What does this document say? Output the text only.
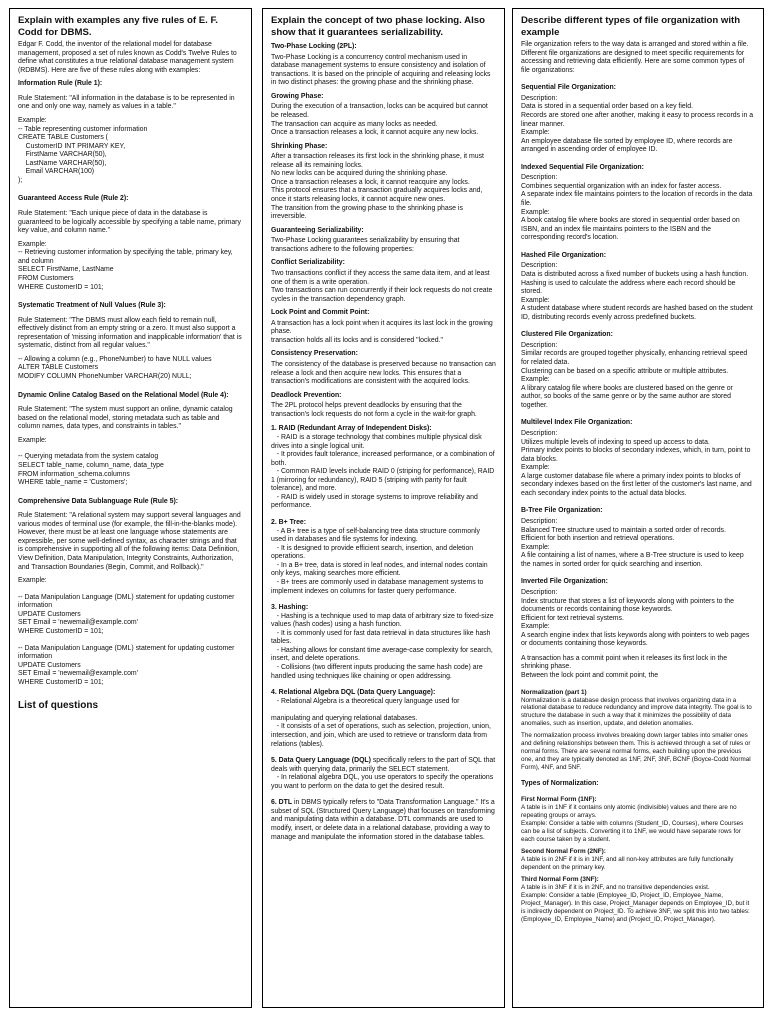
Explain with examples any five rules of E. F. Codd for DBMS.
Edgar F. Codd, the inventor of the relational model for database management, proposed a set of rules known as Codd's Twelve Rules to define what constitutes a true relational database management system (RDBMS). Here are five of these rules along with examples:
Information Rule (Rule 1):
Rule Statement: "All information in the database is to be represented in one and only one way, namely as values in a table."
Example:
-- Table representing customer information
CREATE TABLE Customers (
CustomerID INT PRIMARY KEY,
FirstName VARCHAR(50),
LastName VARCHAR(50),
Email VARCHAR(100)
);
Guaranteed Access Rule (Rule 2):
Rule Statement: "Each unique piece of data in the database is guaranteed to be logically accessible by specifying a table name, primary key value, and column name."
Example:
-- Retrieving customer information by specifying the table, primary key, and column
SELECT FirstName, LastName
FROM Customers
WHERE CustomerID = 101;
Systematic Treatment of Null Values (Rule 3):
Rule Statement: "The DBMS must allow each field to remain null, effectively distinct from an empty string or a zero. It must also support a representation of 'missing information and inapplicable information' that is systematic, distinct from all regular values."
-- Allowing a column (e.g., PhoneNumber) to have NULL values
ALTER TABLE Customers
MODIFY COLUMN PhoneNumber VARCHAR(20) NULL;
Dynamic Online Catalog Based on the Relational Model (Rule 4):
Rule Statement: "The system must support an online, dynamic catalog based on the relational model, storing metadata such as table and column names, data types, and constraints in tables."
Example:
-- Querying metadata from the system catalog
SELECT table_name, column_name, data_type
FROM information_schema.columns
WHERE table_name = 'Customers';
Comprehensive Data Sublanguage Rule (Rule 5):
Rule Statement: "A relational system may support several languages and various modes of terminal use (for example, the fill-in-the-blanks mode). However, there must be at least one language whose statements are expressible, per some well-defined syntax, as character strings and that is comprehensive in supporting all of the following items: Data Definition, View Definition, Data Manipulation, Integrity Constraints, Authorization, and Transaction Boundaries (Begin, Commit, and Rollback)."
Example:
-- Data Manipulation Language (DML) statement for updating customer information
UPDATE Customers
SET Email = 'newemail@example.com'
WHERE CustomerID = 101;
-- Data Manipulation Language (DML) statement for updating customer information
UPDATE Customers
SET Email = 'newemail@example.com'
WHERE CustomerID = 101;
List of questions
Explain the concept of two phase locking. Also show that it guarantees serializability.
Two-Phase Locking (2PL):
Two-Phase Locking is a concurrency control mechanism used in database management systems to ensure consistency and isolation of transactions. It is based on the principle of acquiring and releasing locks in two distinct phases: the growing phase and the shrinking phase.
Growing Phase:
During the execution of a transaction, locks can be acquired but cannot be released.
The transaction can acquire as many locks as needed.
Once a transaction releases a lock, it cannot acquire any new locks.
Shrinking Phase:
After a transaction releases its first lock in the shrinking phase, it must release all its remaining locks.
No new locks can be acquired during the shrinking phase.
Once a transaction releases a lock, it cannot reacquire any locks.
This protocol ensures that a transaction gradually acquires locks and, once it starts releasing locks, it cannot acquire new ones.
The transition from the growing phase to the shrinking phase is irreversible.
Guaranteeing Serializability:
Two-Phase Locking guarantees serializability by ensuring that transactions adhere to the following properties:
Conflict Serializability:
Two transactions conflict if they access the same data item, and at least one of them is a write operation.
Two transactions can run concurrently if their lock requests do not create cycles in the transaction dependency graph.
Lock Point and Commit Point:
A transaction has a lock point when it acquires its last lock in the growing phase.
transaction holds all its locks and is considered "locked."
Consistency Preservation:
The consistency of the database is preserved because no transaction can release a lock and then acquire new locks. This ensures that a transaction's modifications are consistent with the acquired locks.
Deadlock Prevention:
The 2PL protocol helps prevent deadlocks by ensuring that the transaction's lock requests do not form a cycle in the wait-for graph.
1. RAID (Redundant Array of Independent Disks):
- RAID is a storage technology that combines multiple physical disk drives into a single logical unit.
- It provides fault tolerance, increased performance, or a combination of both.
- Common RAID levels include RAID 0 (striping for performance), RAID 1 (mirroring for redundancy), RAID 5 (striping with parity for fault tolerance), and more.
- RAID is widely used in storage systems to improve reliability and performance.
2. B+ Tree:
- A B+ tree is a type of self-balancing tree data structure commonly used in databases and file systems for indexing.
- It is designed to provide efficient search, insertion, and deletion operations.
- In a B+ tree, data is stored in leaf nodes, and internal nodes contain only keys, making searches more efficient.
- B+ trees are commonly used in database management systems to implement indexes on columns for faster query performance.
3. Hashing:
- Hashing is a technique used to map data of arbitrary size to fixed-size values (hash codes) using a hash function.
- It is commonly used for fast data retrieval in data structures like hash tables.
- Hashing allows for constant time average-case complexity for search, insert, and delete operations.
- Collisions (two different inputs producing the same hash code) are handled using techniques like chaining or open addressing.
4. Relational Algebra DQL (Data Query Language):
- Relational Algebra is a theoretical query language used for

manipulating and querying relational databases.
- It consists of a set of operations, such as selection, projection, union, intersection, and join, which are used to retrieve or transform data from relations (tables).
5. Data Query Language (DQL) specifically refers to the part of SQL that deals with querying data, primarily the SELECT statement.
- In relational algebra DQL, you use operators to specify the operations you want to perform on the data to get the desired result.
6. DTL in DBMS typically refers to "Data Transformation Language." It's a subset of SQL (Structured Query Language) that focuses on transforming and manipulating data within a database. DTL commands are used to modify, insert, or delete data in a relational database, providing a way to manage and manipulate the information stored in the database tables.
Describe different types of file organization with example
File organization refers to the way data is arranged and stored within a file. Different file organizations are designed to meet specific requirements for accessing and retrieving data efficiently. Here are some common types of file organizations:
Sequential File Organization:
Description:
Data is stored in a sequential order based on a key field.
Records are stored one after another, making it easy to process records in a linear manner.
Example:
An employee database file sorted by employee ID, where records are arranged in ascending order of employee ID.
Indexed Sequential File Organization:
Description:
Combines sequential organization with an index for faster access.
A separate index file maintains pointers to the location of records in the data file.
Example:
A book catalog file where books are stored in sequential order based on ISBN, and an index file maintains pointers to the ISBN and the corresponding record's location.
Hashed File Organization:
Description:
Data is distributed across a fixed number of buckets using a hash function.
Hashing is used to calculate the address where each record should be stored.
Example:
A student database where student records are hashed based on the student ID, distributing records evenly across predefined buckets.
Clustered File Organization:
Description:
Similar records are grouped together physically, enhancing retrieval speed for related data.
Clustering can be based on a specific attribute or multiple attributes.
Example:
A library catalog file where books are clustered based on the genre or author, so books of the same genre or by the same author are stored together.
Multilevel Index File Organization:
Description:
Utilizes multiple levels of indexing to speed up access to data.
Primary index points to blocks of secondary indexes, which, in turn, point to data blocks.
Example:
A large customer database file where a primary index points to blocks of secondary indexes based on the first letter of the customer's last name, and each secondary index points to the actual data blocks.
B-Tree File Organization:
Description:
Balanced Tree structure used to maintain a sorted order of records.
Efficient for both insertion and retrieval operations.
Example:
A file containing a list of names, where a B-Tree structure is used to keep the names in sorted order for quick searching and insertion.
Inverted File Organization:
Description:
Index structure that stores a list of keywords along with pointers to the documents or records containing those keywords.
Efficient for text retrieval systems.
Example:
A search engine index that lists keywords along with pointers to web pages or documents containing those keywords.
A transaction has a commit point when it releases its first lock in the shrinking phase.
Between the lock point and commit point, the
Normalization (part 1)
Normalization is a database design process that involves organizing data in a relational database to reduce redundancy and improve data integrity. The goal is to structure the database in such a way that it minimizes the possibility of data anomalies, such as insertion, update, and deletion anomalies.
The normalization process involves breaking down larger tables into smaller ones and defining relationships between them. This is achieved through a set of rules or normal forms. There are several normal forms, each building upon the previous one, and they are typically denoted as 1NF, 2NF, 3NF, BCNF (Boyce-Codd Normal Form), 4NF, and 5NF.
Types of Normalization:
First Normal Form (1NF):
A table is in 1NF if it contains only atomic (indivisible) values and there are no repeating groups or arrays.
Example: Consider a table with columns (Student_ID, Courses), where Courses can be a list of subjects. Converting it to 1NF, we would have separate rows for each course taken by a student.
Second Normal Form (2NF):
A table is in 2NF if it is in 1NF, and all non-key attributes are fully functionally dependent on the primary key.
Third Normal Form (3NF):
A table is in 3NF if it is in 2NF, and no transitive dependencies exist.
Example: Consider a table (Employee_ID, Project_ID, Employee_Name, Project_Manager). In this case, Project_Manager depends on Employee_ID, but it is indirectly dependent on Project_ID. To achieve 3NF, we split this into two tables: (Employee_ID, Employee_Name) and (Project_ID, Project_Manager).
